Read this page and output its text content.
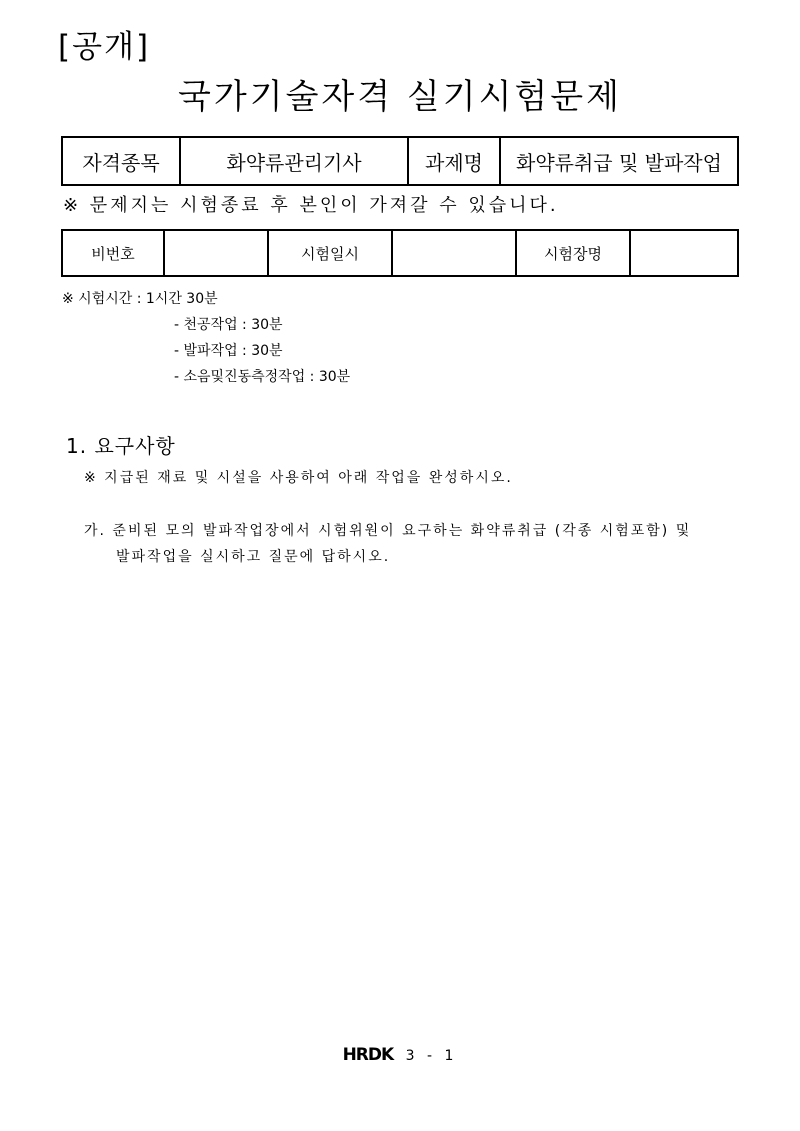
[공개]
국가기술자격 실기시험문제
자격종목	화약류관리기사	과제명	화약류취급 및 발파작업
※ 문제지는 시험종료 후 본인이 가져갈 수 있습니다.
비번호		시험일시		시험장명	
※ 시험시간 : 1시간 30분
- 천공작업 : 30분
- 발파작업 : 30분
- 소음및진동측정작업 : 30분
1. 요구사항
※ 지급된 재료 및 시설을 사용하여 아래 작업을 완성하시오.
가. 준비된 모의 발파작업장에서 시험위원이 요구하는 화약류취급 (각종 시험포함) 및
발파작업을 실시하고 질문에 답하시오.
HRDK 3 - 1
